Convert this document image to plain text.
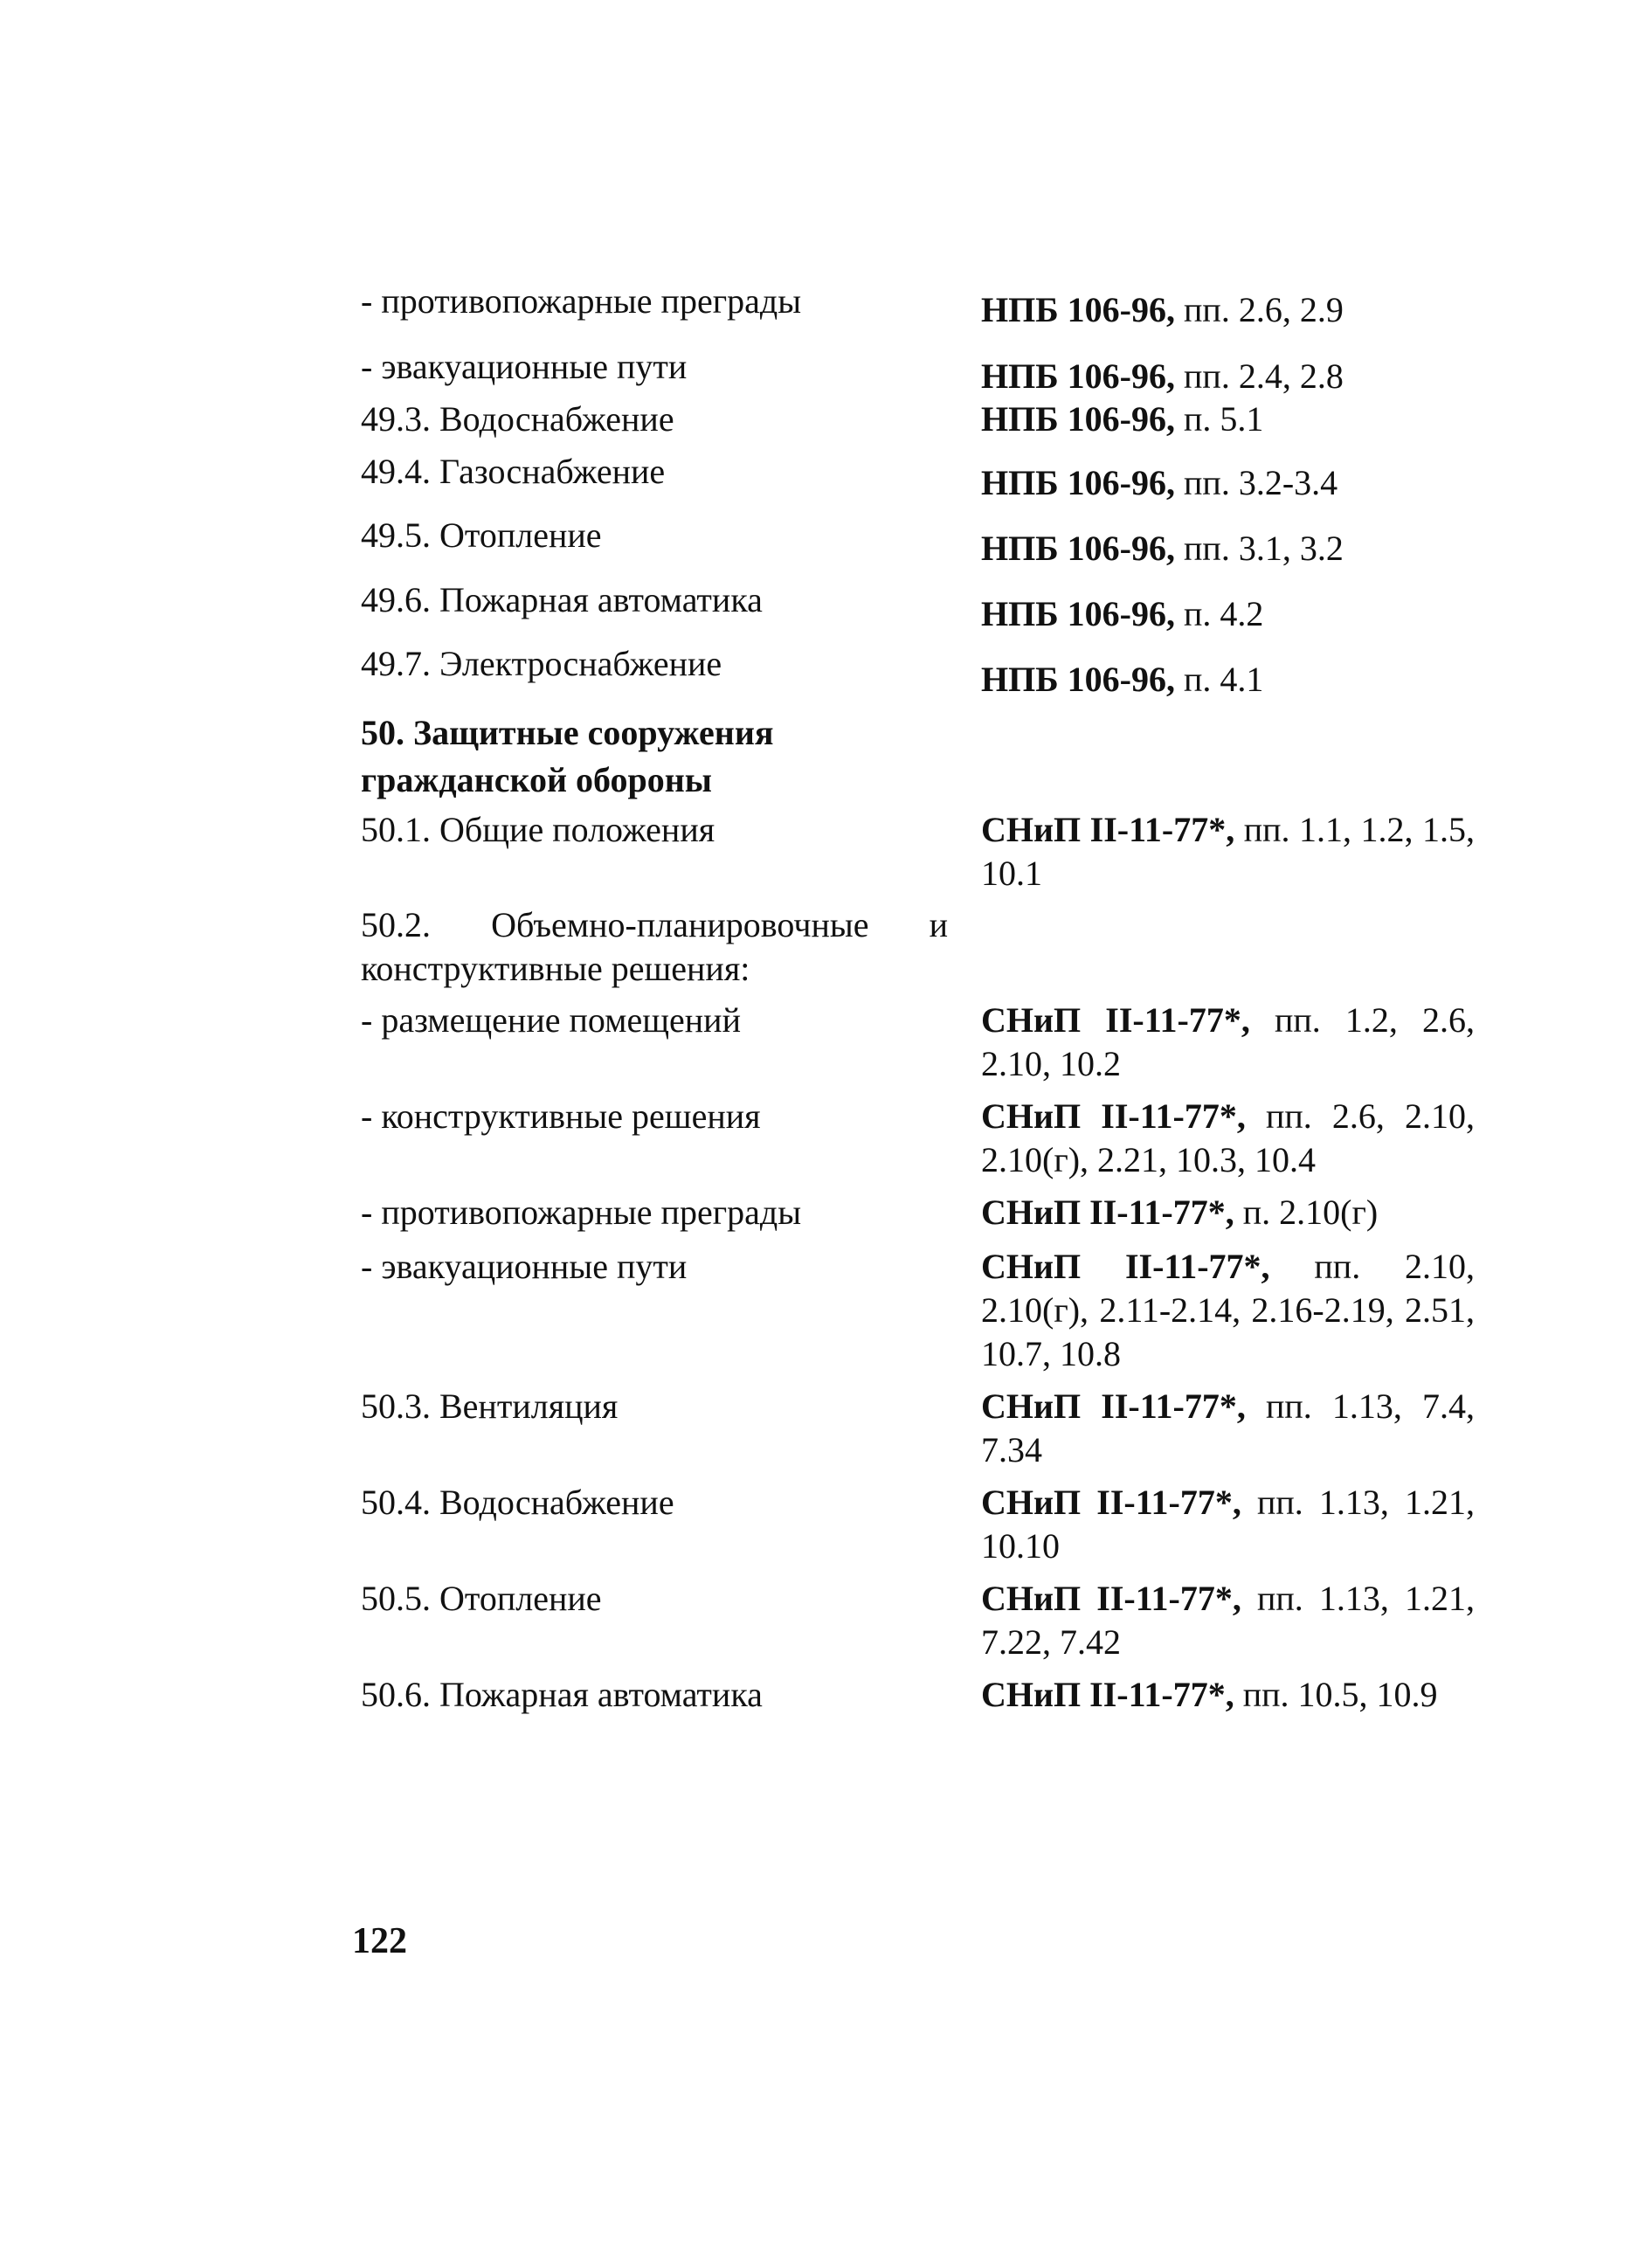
- противопожарные преграды	НПБ 106-96, пп. 2.6, 2.9
- эвакуационные пути	НПБ 106-96, пп. 2.4, 2.8
49.3. Водоснабжение	НПБ 106-96, п. 5.1
49.4. Газоснабжение	НПБ 106-96, пп. 3.2-3.4
49.5. Отопление	НПБ 106-96, пп. 3.1, 3.2
49.6. Пожарная автоматика	НПБ 106-96, п. 4.2
49.7. Электроснабжение	НПБ 106-96, п. 4.1
50. Защитные сооружения гражданской обороны
50.1. Общие положения	СНиП II-11-77*, пп. 1.1, 1.2, 1.5, 10.1
50.2. Объемно-планировочные и конструктивные решения:
- размещение помещений	СНиП II-11-77*, пп. 1.2, 2.6, 2.10, 10.2
- конструктивные решения	СНиП II-11-77*, пп. 2.6, 2.10, 2.10(г), 2.21, 10.3, 10.4
- противопожарные преграды	СНиП II-11-77*, п. 2.10(г)
- эвакуационные пути	СНиП II-11-77*, пп. 2.10, 2.10(г), 2.11-2.14, 2.16-2.19, 2.51, 10.7, 10.8
50.3. Вентиляция	СНиП II-11-77*, пп. 1.13, 7.4, 7.34
50.4. Водоснабжение	СНиП II-11-77*, пп. 1.13, 1.21, 10.10
50.5. Отопление	СНиП II-11-77*, пп. 1.13, 1.21, 7.22, 7.42
50.6. Пожарная автоматика	СНиП II-11-77*, пп. 10.5, 10.9
122
